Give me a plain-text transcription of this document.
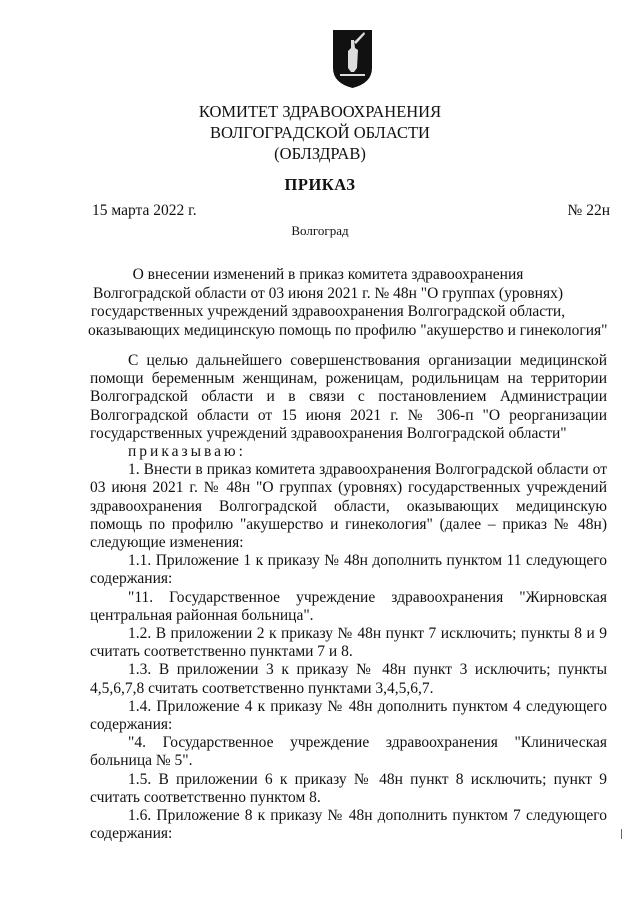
КОМИТЕТ ЗДРАВООХРАНЕНИЯ
ВОЛГОГРАДСКОЙ ОБЛАСТИ
(ОБЛЗДРАВ)
ПРИКАЗ
15 марта 2022 г.	№ 22н
Волгоград
О внесении изменений в приказ комитета здравоохранения
Волгоградской области от 03 июня 2021 г. № 48н "О группах (уровнях)
государственных учреждений здравоохранения Волгоградской области,
оказывающих медицинскую помощь по профилю "акушерство и гинекология"

С целью дальнейшего совершенствования организации медицинской помощи беременным женщинам, роженицам, родильницам на территории Волгоградской области и в связи с постановлением Администрации Волгоградской области от 15 июня 2021 г. № 306-п "О реорганизации государственных учреждений здравоохранения Волгоградской области"

приказываю:

1. Внести в приказ комитета здравоохранения Волгоградской области от 03 июня 2021 г. № 48н "О группах (уровнях) государственных учреждений здравоохранения Волгоградской области, оказывающих медицинскую помощь по профилю "акушерство и гинекология" (далее – приказ № 48н) следующие изменения:

1.1. Приложение 1 к приказу № 48н дополнить пунктом 11 следующего содержания:

"11. Государственное учреждение здравоохранения "Жирновская центральная районная больница".

1.2. В приложении 2 к приказу № 48н пункт 7 исключить; пункты 8 и 9 считать соответственно пунктами 7 и 8.

1.3. В приложении 3 к приказу № 48н пункт 3 исключить; пункты 4,5,6,7,8 считать соответственно пунктами 3,4,5,6,7.

1.4. Приложение 4 к приказу № 48н дополнить пунктом 4 следующего содержания:

"4. Государственное учреждение здравоохранения "Клиническая больница № 5".

1.5. В приложении 6 к приказу № 48н пункт 8 исключить; пункт 9 считать соответственно пунктом 8.

1.6. Приложение 8 к приказу № 48н дополнить пунктом 7 следующего содержания:
